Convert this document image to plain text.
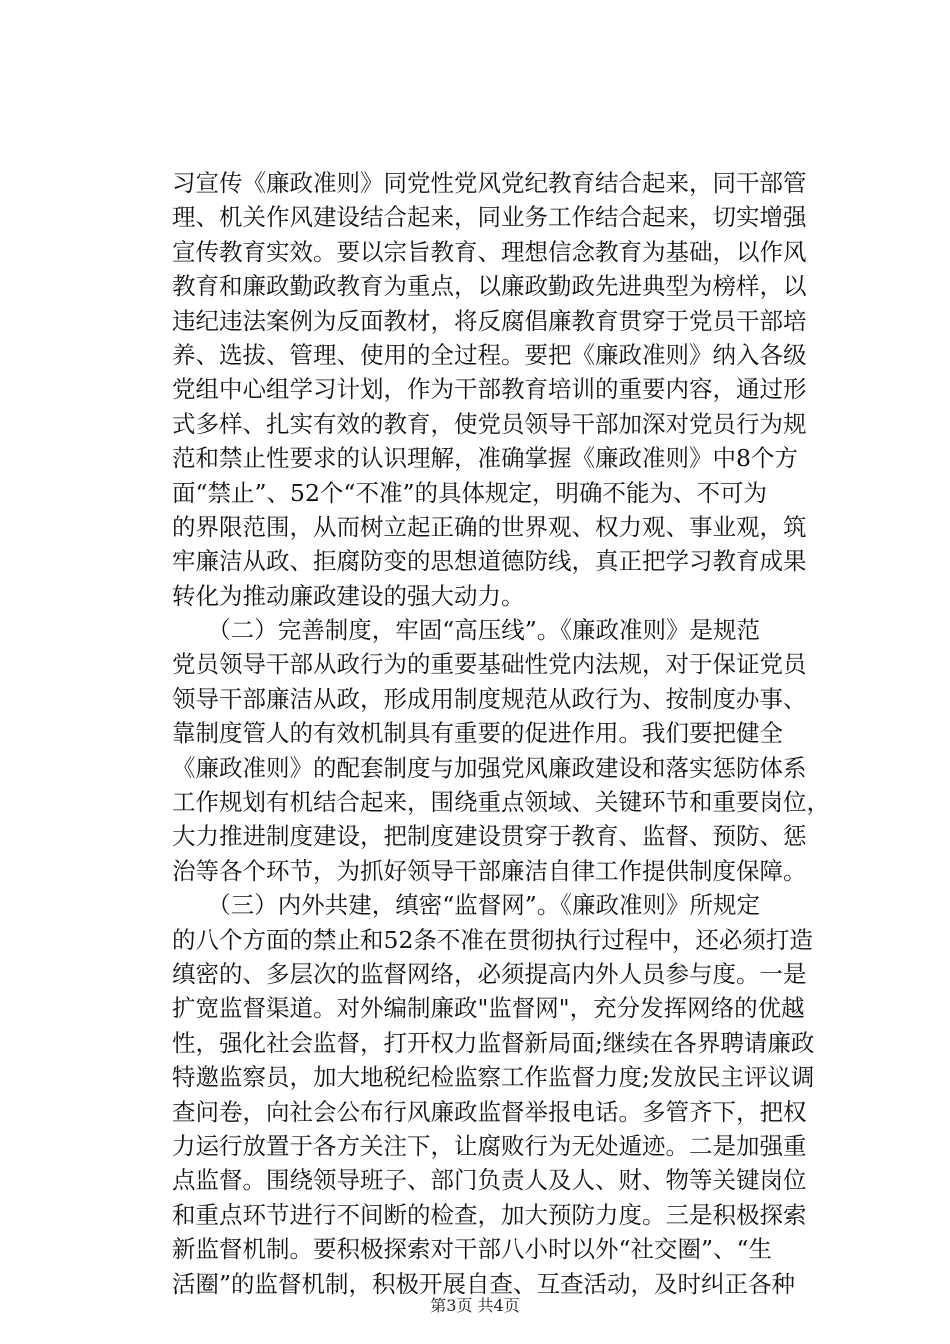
习宣传《廉政准则》同党性党风党纪教育结合起来，同干部管
理、机关作风建设结合起来，同业务工作结合起来，切实增强
宣传教育实效。要以宗旨教育、理想信念教育为基础，以作风
教育和廉政勤政教育为重点，以廉政勤政先进典型为榜样，以
违纪违法案例为反面教材，将反腐倡廉教育贯穿于党员干部培
养、选拔、管理、使用的全过程。要把《廉政准则》纳入各级
党组中心组学习计划，作为干部教育培训的重要内容，通过形
式多样、扎实有效的教育，使党员领导干部加深对党员行为规
范和禁止性要求的认识理解，准确掌握《廉政准则》中8个方
面“禁止”、52个“不准”的具体规定，明确不能为、不可为
的界限范围，从而树立起正确的世界观、权力观、事业观，筑
牢廉洁从政、拒腐防变的思想道德防线，真正把学习教育成果
转化为推动廉政建设的强大动力。
　　（二）完善制度，牢固“高压线”。《廉政准则》是规范
党员领导干部从政行为的重要基础性党内法规，对于保证党员
领导干部廉洁从政，形成用制度规范从政行为、按制度办事、
靠制度管人的有效机制具有重要的促进作用。我们要把健全
《廉政准则》的配套制度与加强党风廉政建设和落实惩防体系
工作规划有机结合起来，围绕重点领域、关键环节和重要岗位，
大力推进制度建设，把制度建设贯穿于教育、监督、预防、惩
治等各个环节，为抓好领导干部廉洁自律工作提供制度保障。
　　（三）内外共建，缜密“监督网”。《廉政准则》所规定
的八个方面的禁止和52条不准在贯彻执行过程中，还必须打造
缜密的、多层次的监督网络，必须提高内外人员参与度。一是
扩宽监督渠道。对外编制廉政"监督网"，充分发挥网络的优越
性，强化社会监督，打开权力监督新局面;继续在各界聘请廉政
特邀监察员，加大地税纪检监察工作监督力度;发放民主评议调
查问卷，向社会公布行风廉政监督举报电话。多管齐下，把权
力运行放置于各方关注下，让腐败行为无处遁迹。二是加强重
点监督。围绕领导班子、部门负责人及人、财、物等关键岗位
和重点环节进行不间断的检查，加大预防力度。三是积极探索
新监督机制。要积极探索对干部八小时以外“社交圈”、“生
活圈”的监督机制，积极开展自查、互查活动，及时纠正各种
第3页 共4页
